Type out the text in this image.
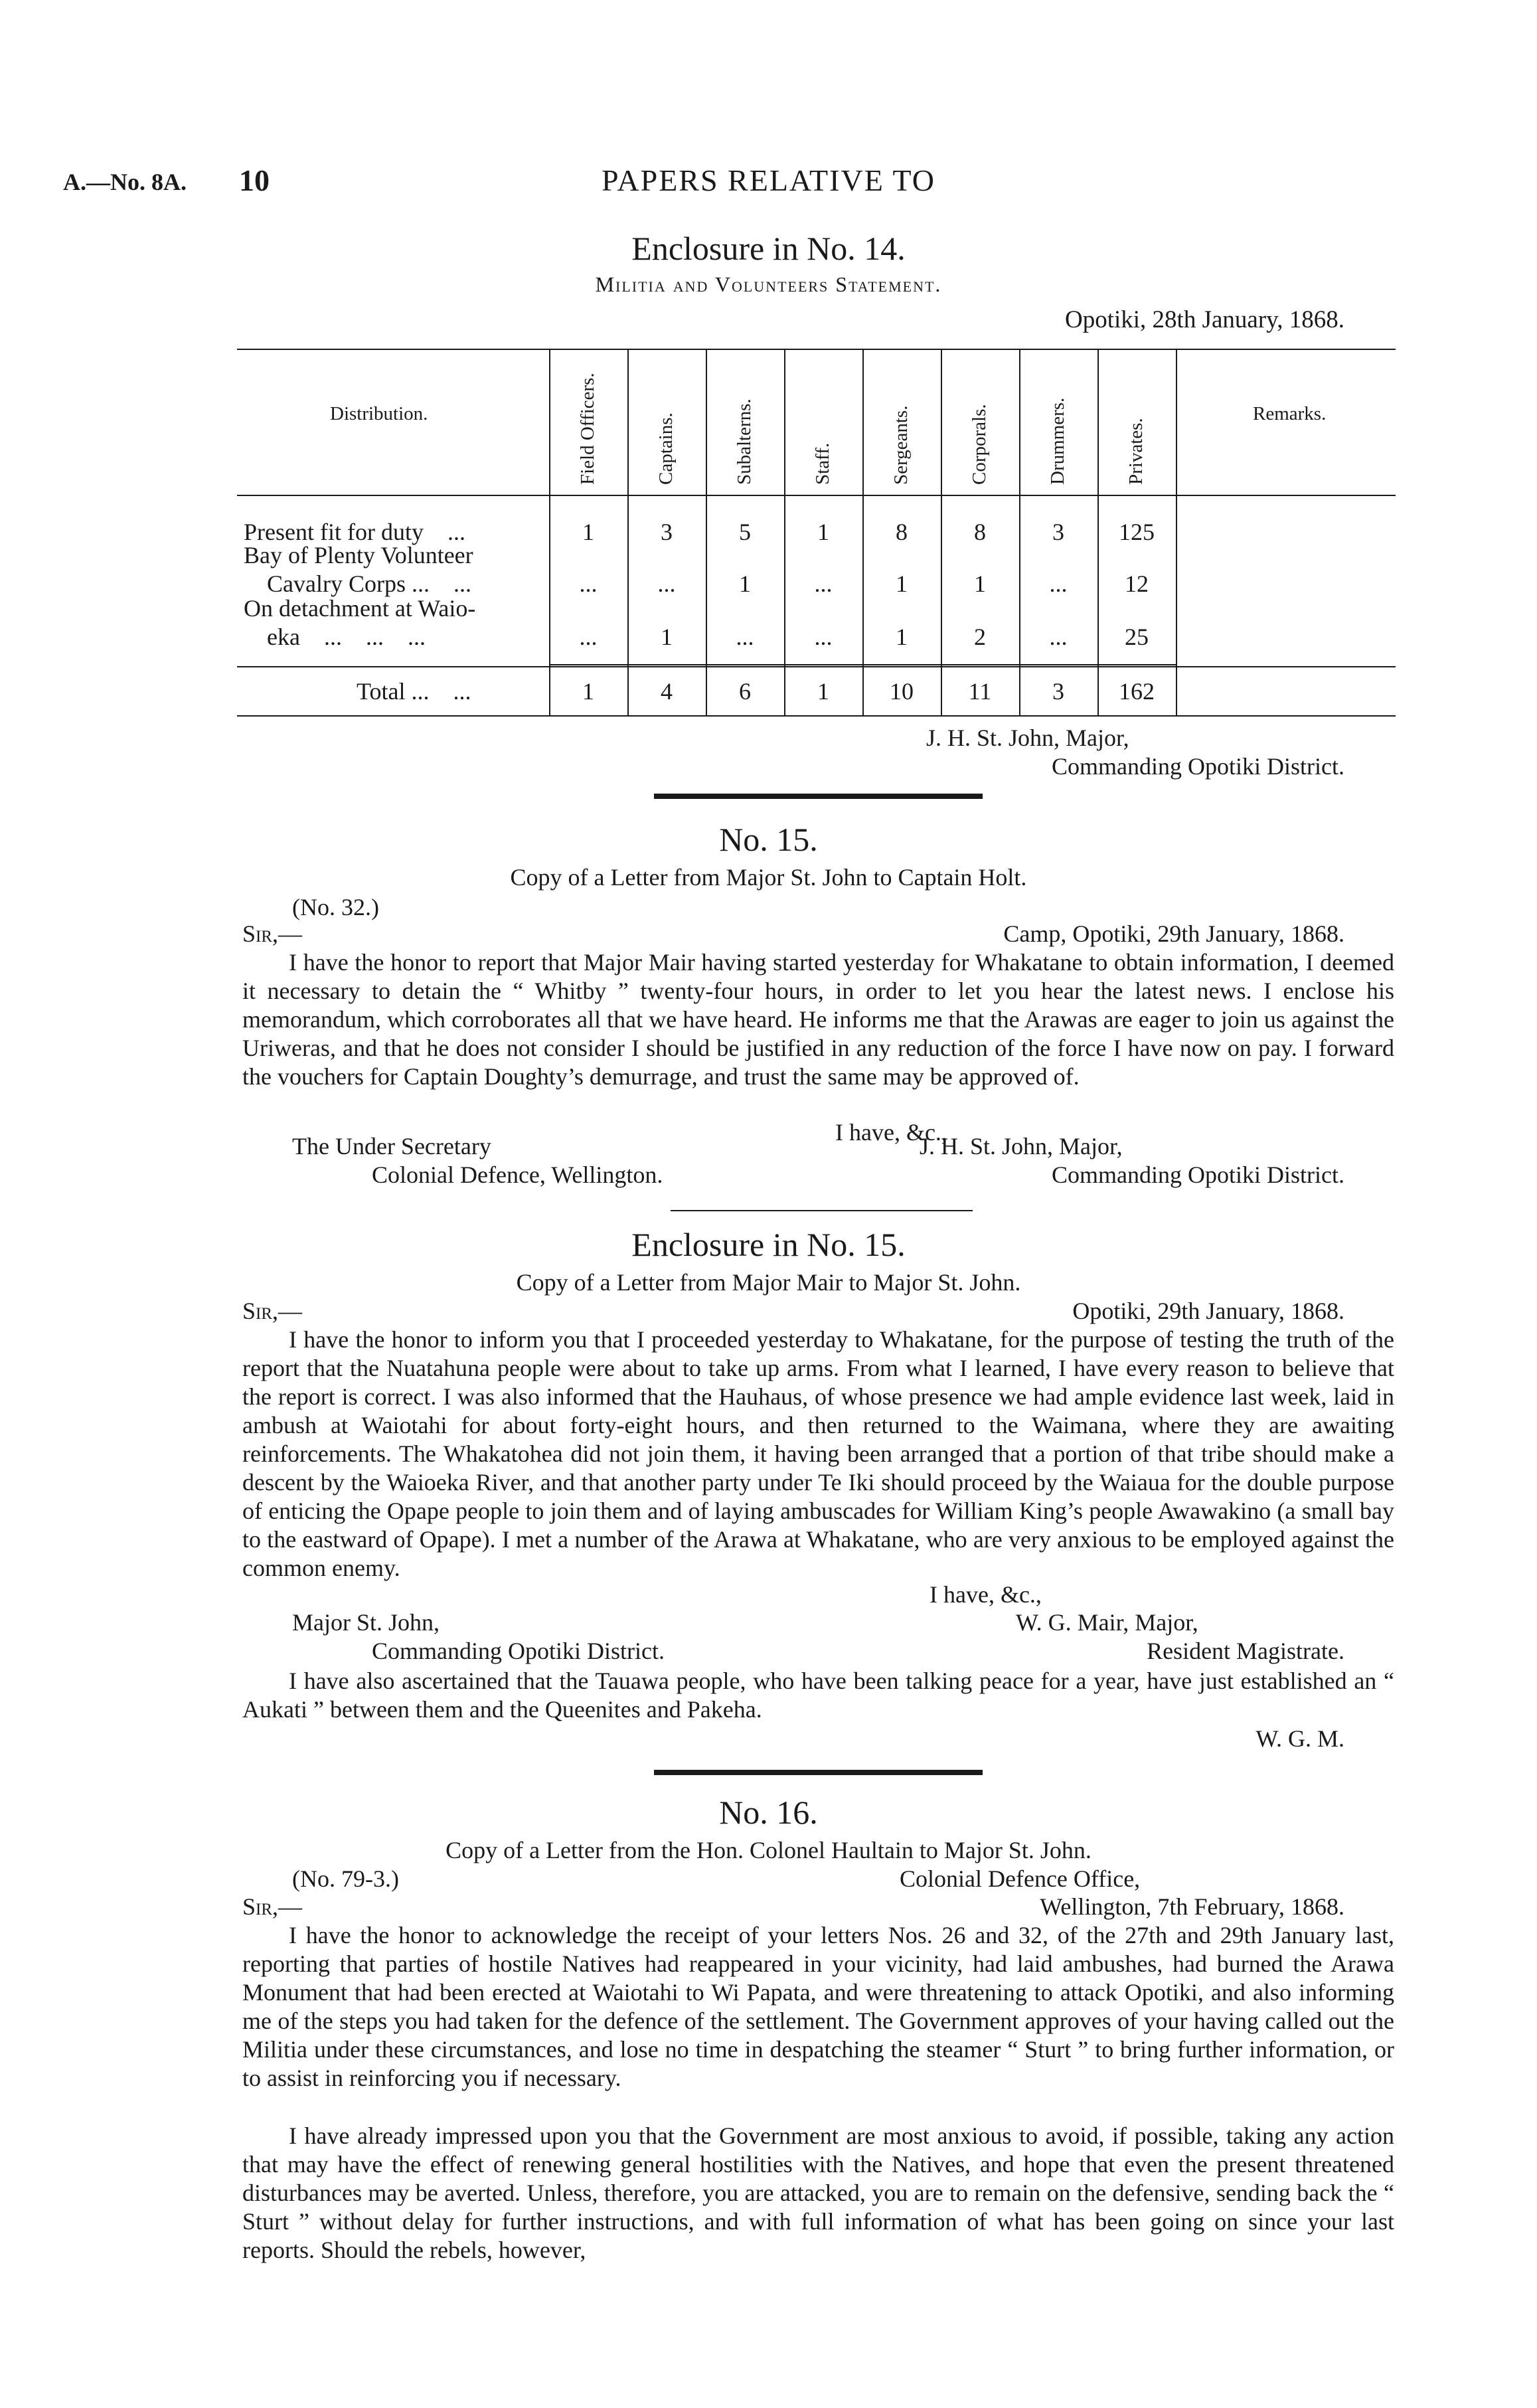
A.—No. 8A. 10	PAPERS RELATIVE TO
Enclosure in No. 14.
Militia and Volunteers Statement.
Opotiki, 28th January, 1868.
Distribution.	Remarks.
Field Officers.	Captains.	Subalterns.	Staff.	Sergeants.	Corporals.	Drummers.	Privates.
Present fit for duty    ...	1	3	5	1	8	8	3	125
Bay of Plenty Volunteer
Cavalry Corps ...    ...	...	...	1	...	1	1	...	12
On detachment at Waio-
eka    ...    ...    ...	...	1	...	...	1	2	...	25
Total ...    ...	1	4	6	1	10	11	3	162
J. H. St. John, Major,
Commanding Opotiki District.
No. 15.
Copy of a Letter from Major St. John to Captain Holt.
(No. 32.)
Sir,—	Camp, Opotiki, 29th January, 1868.

I have the honor to report that Major Mair having started yesterday for Whakatane to obtain information, I deemed it necessary to detain the “ Whitby ” twenty-four hours, in order to let you hear the latest news. I enclose his memorandum, which corroborates all that we have heard. He informs me that the Arawas are eager to join us against the Uriweras, and that he does not consider I should be justified in any reduction of the force I have now on pay. I forward the vouchers for Captain Doughty’s demurrage, and trust the same may be approved of.

I have, &c.,
The Under Secretary	J. H. St. John, Major,
Colonial Defence, Wellington.	Commanding Opotiki District.
Enclosure in No. 15.
Copy of a Letter from Major Mair to Major St. John.
Sir,—	Opotiki, 29th January, 1868.

I have the honor to inform you that I proceeded yesterday to Whakatane, for the purpose of testing the truth of the report that the Nuatahuna people were about to take up arms. From what I learned, I have every reason to believe that the report is correct. I was also informed that the Hauhaus, of whose presence we had ample evidence last week, laid in ambush at Waiotahi for about forty-eight hours, and then returned to the Waimana, where they are awaiting reinforcements. The Whakatohea did not join them, it having been arranged that a portion of that tribe should make a descent by the Waioeka River, and that another party under Te Iki should proceed by the Waiaua for the double purpose of enticing the Opape people to join them and of laying ambuscades for William King’s people Awawakino (a small bay to the eastward of Opape). I met a number of the Arawa at Whakatane, who are very anxious to be employed against the common enemy.

I have, &c.,
Major St. John,	W. G. Mair, Major,
Commanding Opotiki District.	Resident Magistrate.

I have also ascertained that the Tauawa people, who have been talking peace for a year, have just established an “ Aukati ” between them and the Queenites and Pakeha.

W. G. M.
No. 16.
Copy of a Letter from the Hon. Colonel Haultain to Major St. John.
(No. 79-3.)	Colonial Defence Office,
Sir,—	Wellington, 7th February, 1868.

I have the honor to acknowledge the receipt of your letters Nos. 26 and 32, of the 27th and 29th January last, reporting that parties of hostile Natives had reappeared in your vicinity, had laid ambushes, had burned the Arawa Monument that had been erected at Waiotahi to Wi Papata, and were threatening to attack Opotiki, and also informing me of the steps you had taken for the defence of the settlement. The Government approves of your having called out the Militia under these circumstances, and lose no time in despatching the steamer “ Sturt ” to bring further information, or to assist in reinforcing you if necessary.

I have already impressed upon you that the Government are most anxious to avoid, if possible, taking any action that may have the effect of renewing general hostilities with the Natives, and hope that even the present threatened disturbances may be averted. Unless, therefore, you are attacked, you are to remain on the defensive, sending back the “ Sturt ” without delay for further instructions, and with full information of what has been going on since your last reports. Should the rebels, however,
